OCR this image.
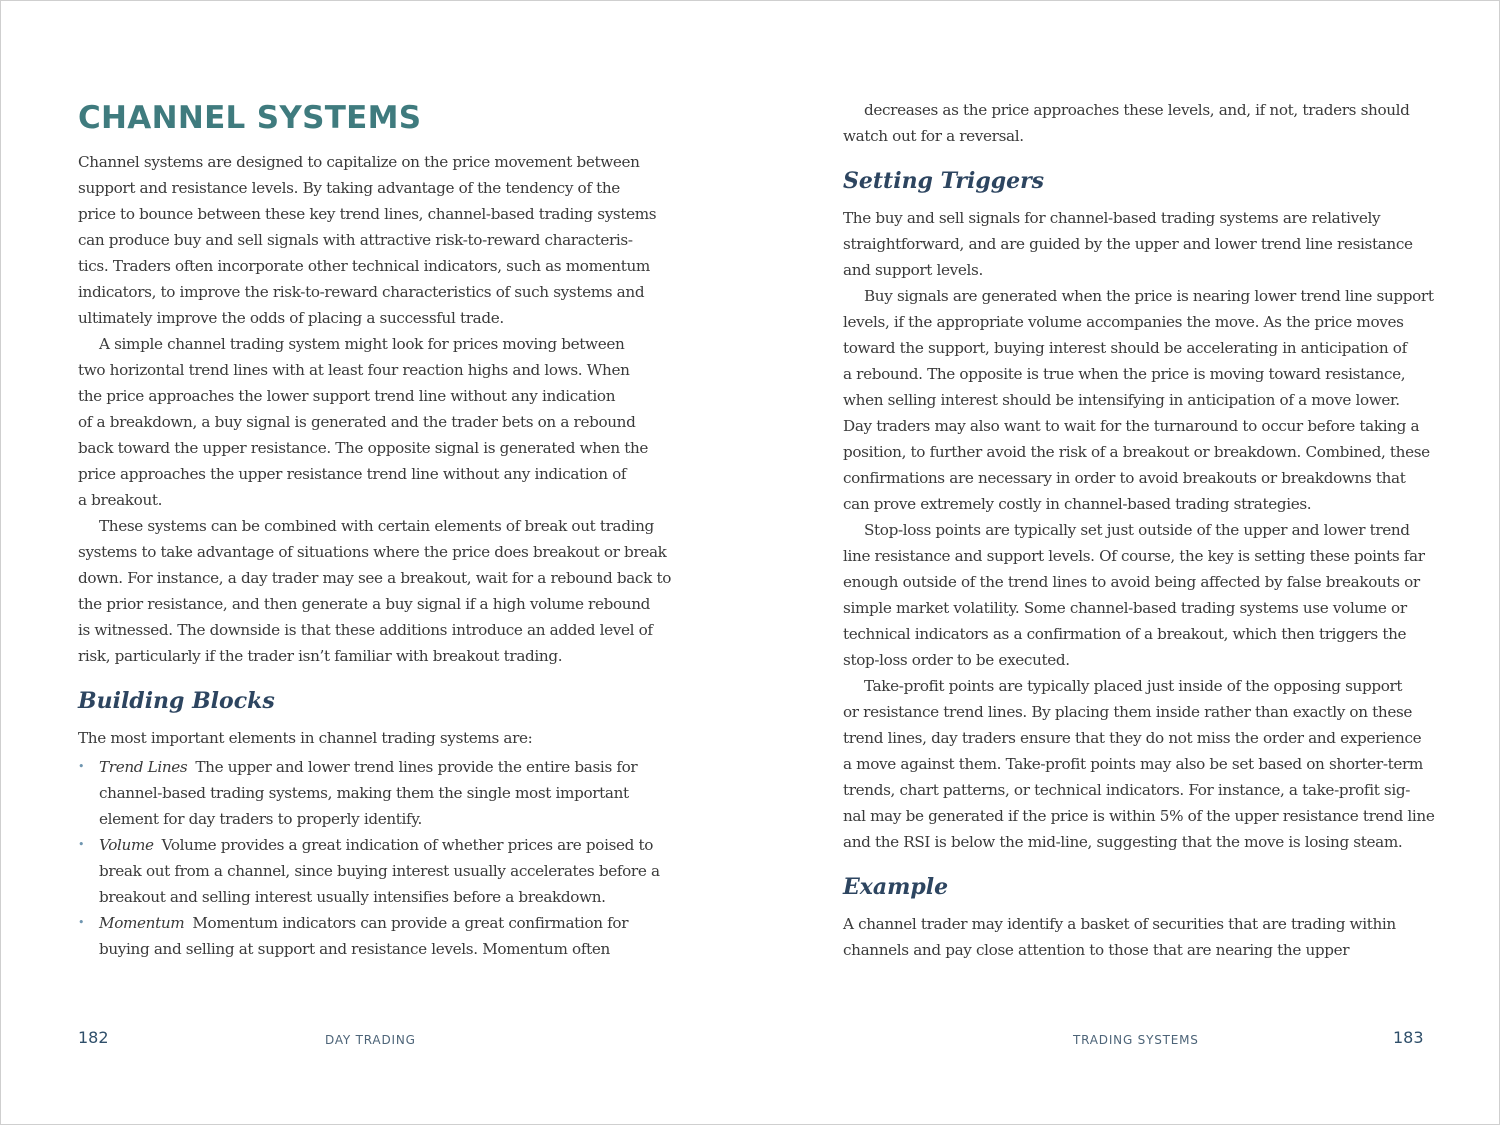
CHANNEL SYSTEMS
Channel systems are designed to capitalize on the price movement between
support and resistance levels. By taking advantage of the tendency of the
price to bounce between these key trend lines, channel-based trading systems
can produce buy and sell signals with attractive risk-to-reward characteris-
tics. Traders often incorporate other technical indicators, such as momentum
indicators, to improve the risk-to-reward characteristics of such systems and
ultimately improve the odds of placing a successful trade.
A simple channel trading system might look for prices moving between
two horizontal trend lines with at least four reaction highs and lows. When
the price approaches the lower support trend line without any indication
of a breakdown, a buy signal is generated and the trader bets on a rebound
back toward the upper resistance. The opposite signal is generated when the
price approaches the upper resistance trend line without any indication of
a breakout.
These systems can be combined with certain elements of break out trading
systems to take advantage of situations where the price does breakout or break
down. For instance, a day trader may see a breakout, wait for a rebound back to
the prior resistance, and then generate a buy signal if a high volume rebound
is witnessed. The downside is that these additions introduce an added level of
risk, particularly if the trader isn’t familiar with breakout trading.
Building Blocks
The most important elements in channel trading systems are:
• Trend Lines The upper and lower trend lines provide the entire basis for
channel-based trading systems, making them the single most important
element for day traders to properly identify.
• Volume Volume provides a great indication of whether prices are poised to
break out from a channel, since buying interest usually accelerates before a
breakout and selling interest usually intensifies before a breakdown.
• Momentum Momentum indicators can provide a great confirmation for
buying and selling at support and resistance levels. Momentum often
decreases as the price approaches these levels, and, if not, traders should
watch out for a reversal.
Setting Triggers
The buy and sell signals for channel-based trading systems are relatively
straightforward, and are guided by the upper and lower trend line resistance
and support levels.
Buy signals are generated when the price is nearing lower trend line support
levels, if the appropriate volume accompanies the move. As the price moves
toward the support, buying interest should be accelerating in anticipation of
a rebound. The opposite is true when the price is moving toward resistance,
when selling interest should be intensifying in anticipation of a move lower.
Day traders may also want to wait for the turnaround to occur before taking a
position, to further avoid the risk of a breakout or breakdown. Combined, these
confirmations are necessary in order to avoid breakouts or breakdowns that
can prove extremely costly in channel-based trading strategies.
Stop-loss points are typically set just outside of the upper and lower trend
line resistance and support levels. Of course, the key is setting these points far
enough outside of the trend lines to avoid being affected by false breakouts or
simple market volatility. Some channel-based trading systems use volume or
technical indicators as a confirmation of a breakout, which then triggers the
stop-loss order to be executed.
Take-profit points are typically placed just inside of the opposing support
or resistance trend lines. By placing them inside rather than exactly on these
trend lines, day traders ensure that they do not miss the order and experience
a move against them. Take-profit points may also be set based on shorter-term
trends, chart patterns, or technical indicators. For instance, a take-profit sig-
nal may be generated if the price is within 5% of the upper resistance trend line
and the RSI is below the mid-line, suggesting that the move is losing steam.
Example
A channel trader may identify a basket of securities that are trading within
channels and pay close attention to those that are nearing the upper
182	DAY TRADING	TRADING SYSTEMS	183
